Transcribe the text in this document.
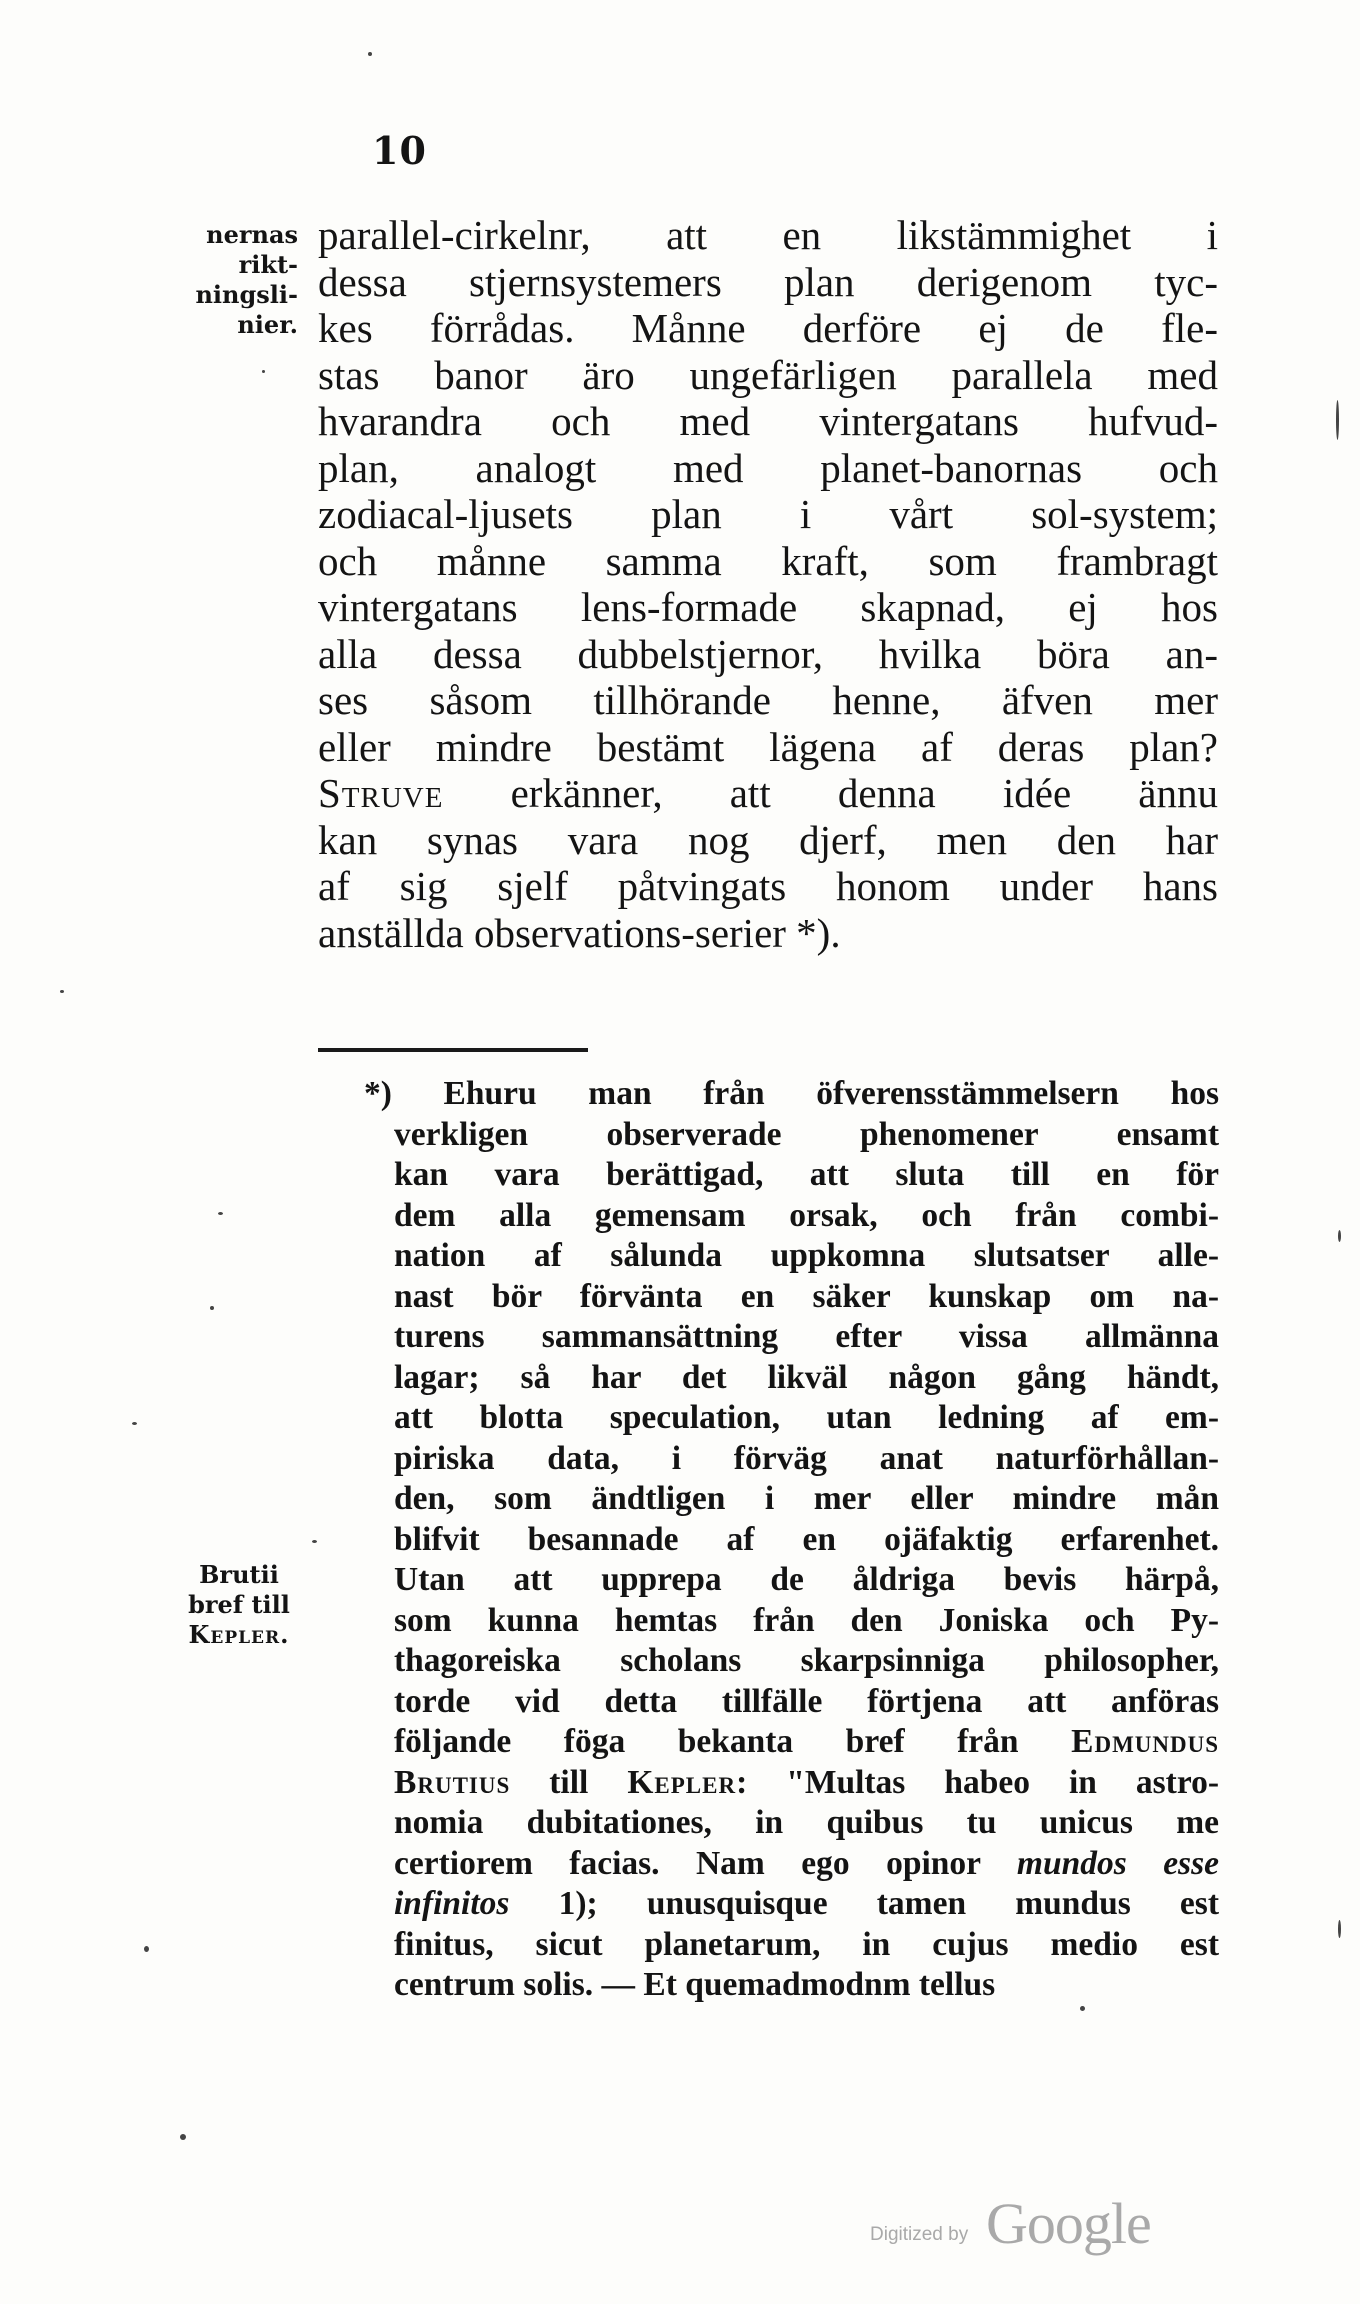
10
nernas
rikt-
ningsli-
nier.
parallel-cirkelnr, att en likstämmighet i
dessa stjernsystemers plan derigenom tyc-
kes förrådas. Månne derföre ej de fle-
stas banor äro ungefärligen parallela med
hvarandra och med vintergatans hufvud-
plan, analogt med planet-banornas och
zodiacal-ljusets plan i vårt sol-system;
och månne samma kraft, som frambragt
vintergatans lens-formade skapnad, ej hos
alla dessa dubbelstjernor, hvilka böra an-
ses såsom tillhörande henne, äfven mer
eller mindre bestämt lägena af deras plan?
Struve erkänner, att denna idée ännu
kan synas vara nog djerf, men den har
af sig sjelf påtvingats honom under hans
anställda observations-serier *).
*) Ehuru man från öfverensstämmelsern hos
verkligen observerade phenomener ensamt
kan vara berättigad, att sluta till en för
dem alla gemensam orsak, och från combi-
nation af sålunda uppkomna slutsatser alle-
nast bör förvänta en säker kunskap om na-
turens sammansättning efter vissa allmänna
lagar; så har det likväl någon gång händt,
att blotta speculation, utan ledning af em-
piriska data, i förväg anat naturförhållan-
den, som ändtligen i mer eller mindre mån
blifvit besannade af en ojäfaktig erfarenhet.
Utan att upprepa de åldriga bevis härpå,
som kunna hemtas från den Joniska och Py-
thagoreiska scholans skarpsinniga philosopher,
torde vid detta tillfälle förtjena att anföras
följande föga bekanta bref från Edmundus
Brutius till Kepler: "Multas habeo in astro-
nomia dubitationes, in quibus tu unicus me
certiorem facias. Nam ego opinor mundos esse
infinitos 1); unusquisque tamen mundus est
finitus, sicut planetarum, in cujus medio est
centrum solis. — Et quemadmodnm tellus
Brutii
bref till
Kepler.
Digitized by Google
